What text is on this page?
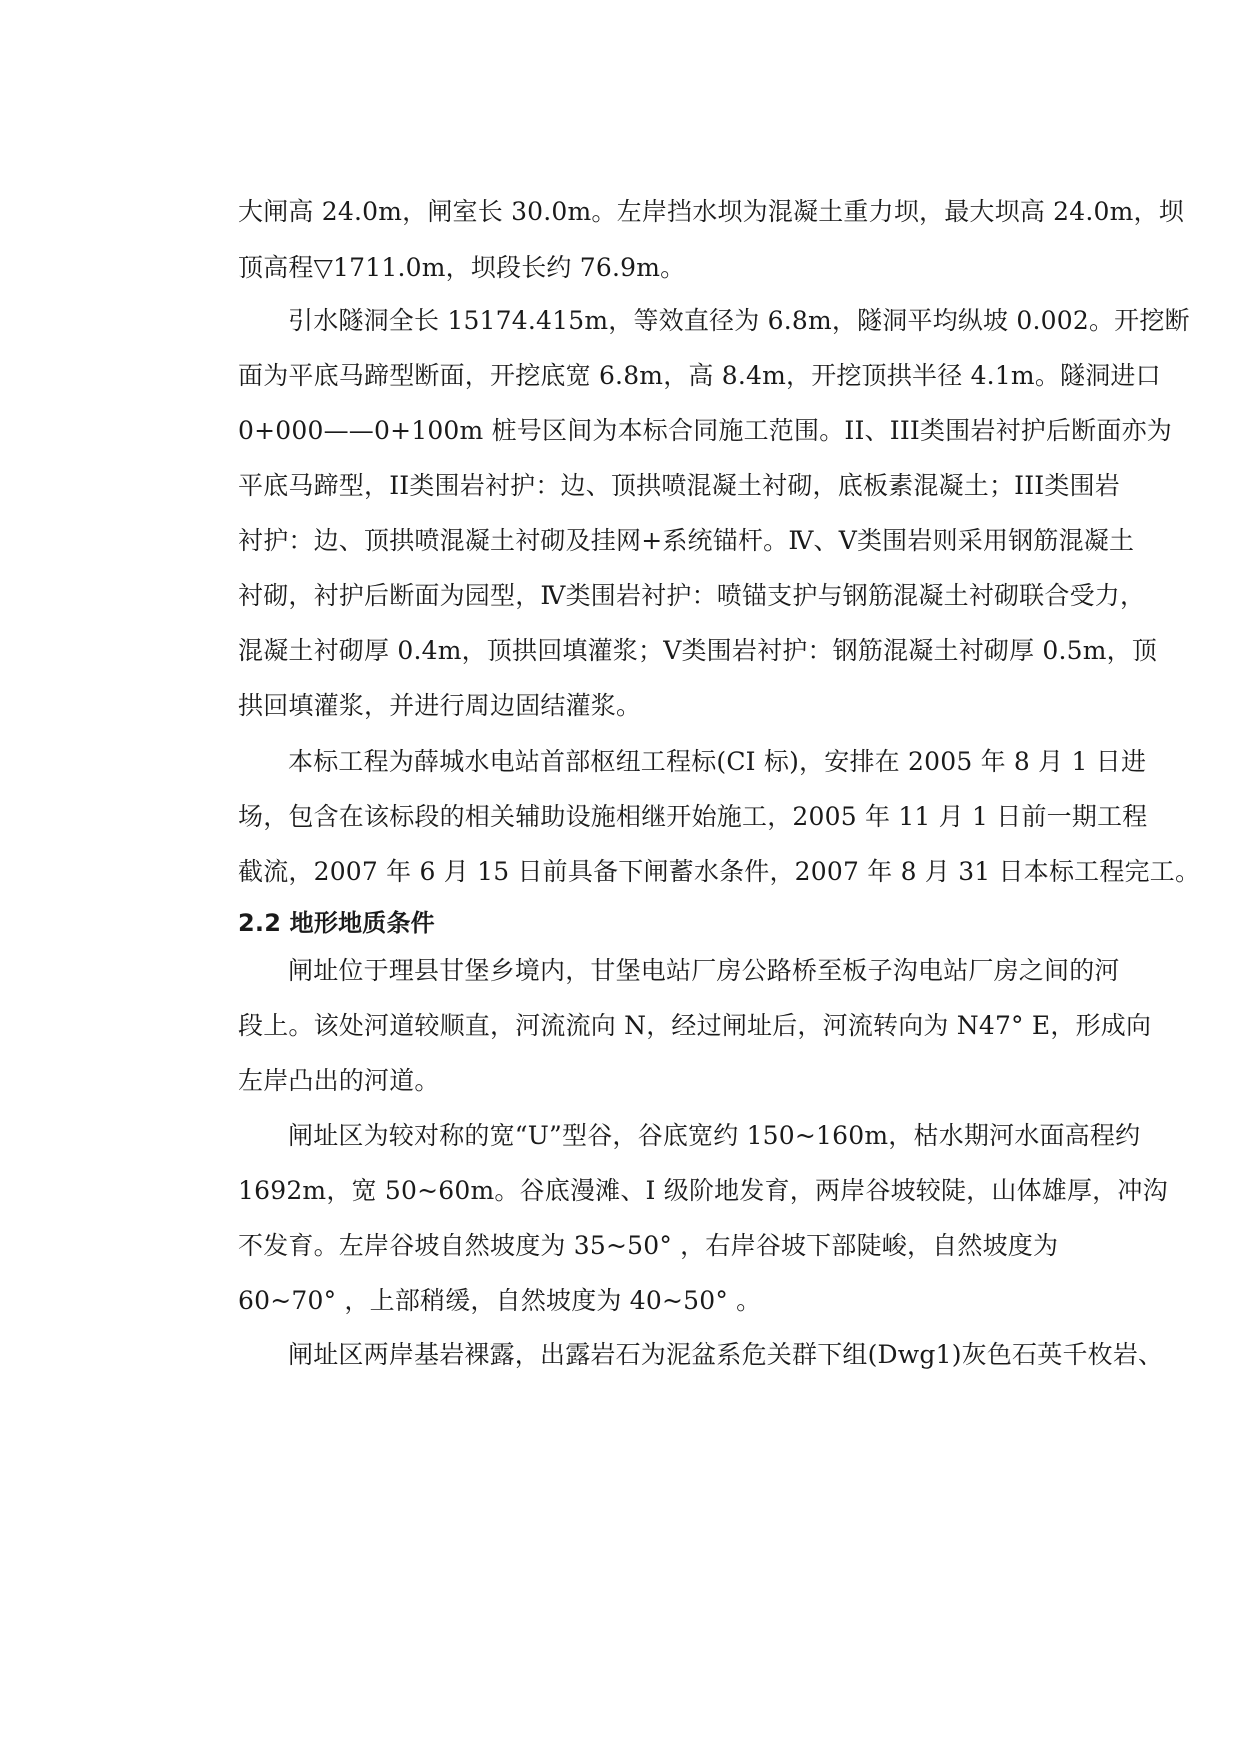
大闸高 24.0m，闸室长 30.0m。左岸挡水坝为混凝土重力坝，最大坝高 24.0m，坝
顶高程▽1711.0m，坝段长约 76.9m。
引水隧洞全长 15174.415m，等效直径为 6.8m，隧洞平均纵坡 0.002。开挖断
面为平底马蹄型断面，开挖底宽 6.8m，高 8.4m，开挖顶拱半径 4.1m。隧洞进口
0+000——0+100m 桩号区间为本标合同施工范围。II、III类围岩衬护后断面亦为
平底马蹄型，II类围岩衬护：边、顶拱喷混凝土衬砌，底板素混凝土；III类围岩
衬护：边、顶拱喷混凝土衬砌及挂网+系统锚杆。Ⅳ、Ⅴ类围岩则采用钢筋混凝土
衬砌，衬护后断面为园型，Ⅳ类围岩衬护：喷锚支护与钢筋混凝土衬砌联合受力，
混凝土衬砌厚 0.4m，顶拱回填灌浆；Ⅴ类围岩衬护：钢筋混凝土衬砌厚 0.5m，顶
拱回填灌浆，并进行周边固结灌浆。
本标工程为薛城水电站首部枢纽工程标(CI 标)，安排在 2005 年 8 月 1 日进
场，包含在该标段的相关辅助设施相继开始施工，2005 年 11 月 1 日前一期工程
截流，2007 年 6 月 15 日前具备下闸蓄水条件，2007 年 8 月 31 日本标工程完工。
2.2 地形地质条件
闸址位于理县甘堡乡境内，甘堡电站厂房公路桥至板子沟电站厂房之间的河
段上。该处河道较顺直，河流流向 N，经过闸址后，河流转向为 N47° E，形成向
左岸凸出的河道。
闸址区为较对称的宽“U”型谷，谷底宽约 150~160m，枯水期河水面高程约
1692m，宽 50~60m。谷底漫滩、I 级阶地发育，两岸谷坡较陡，山体雄厚，冲沟
不发育。左岸谷坡自然坡度为 35~50° ，右岸谷坡下部陡峻，自然坡度为
60~70° ，上部稍缓，自然坡度为 40~50° 。
闸址区两岸基岩裸露，出露岩石为泥盆系危关群下组(Dwg1)灰色石英千枚岩、
